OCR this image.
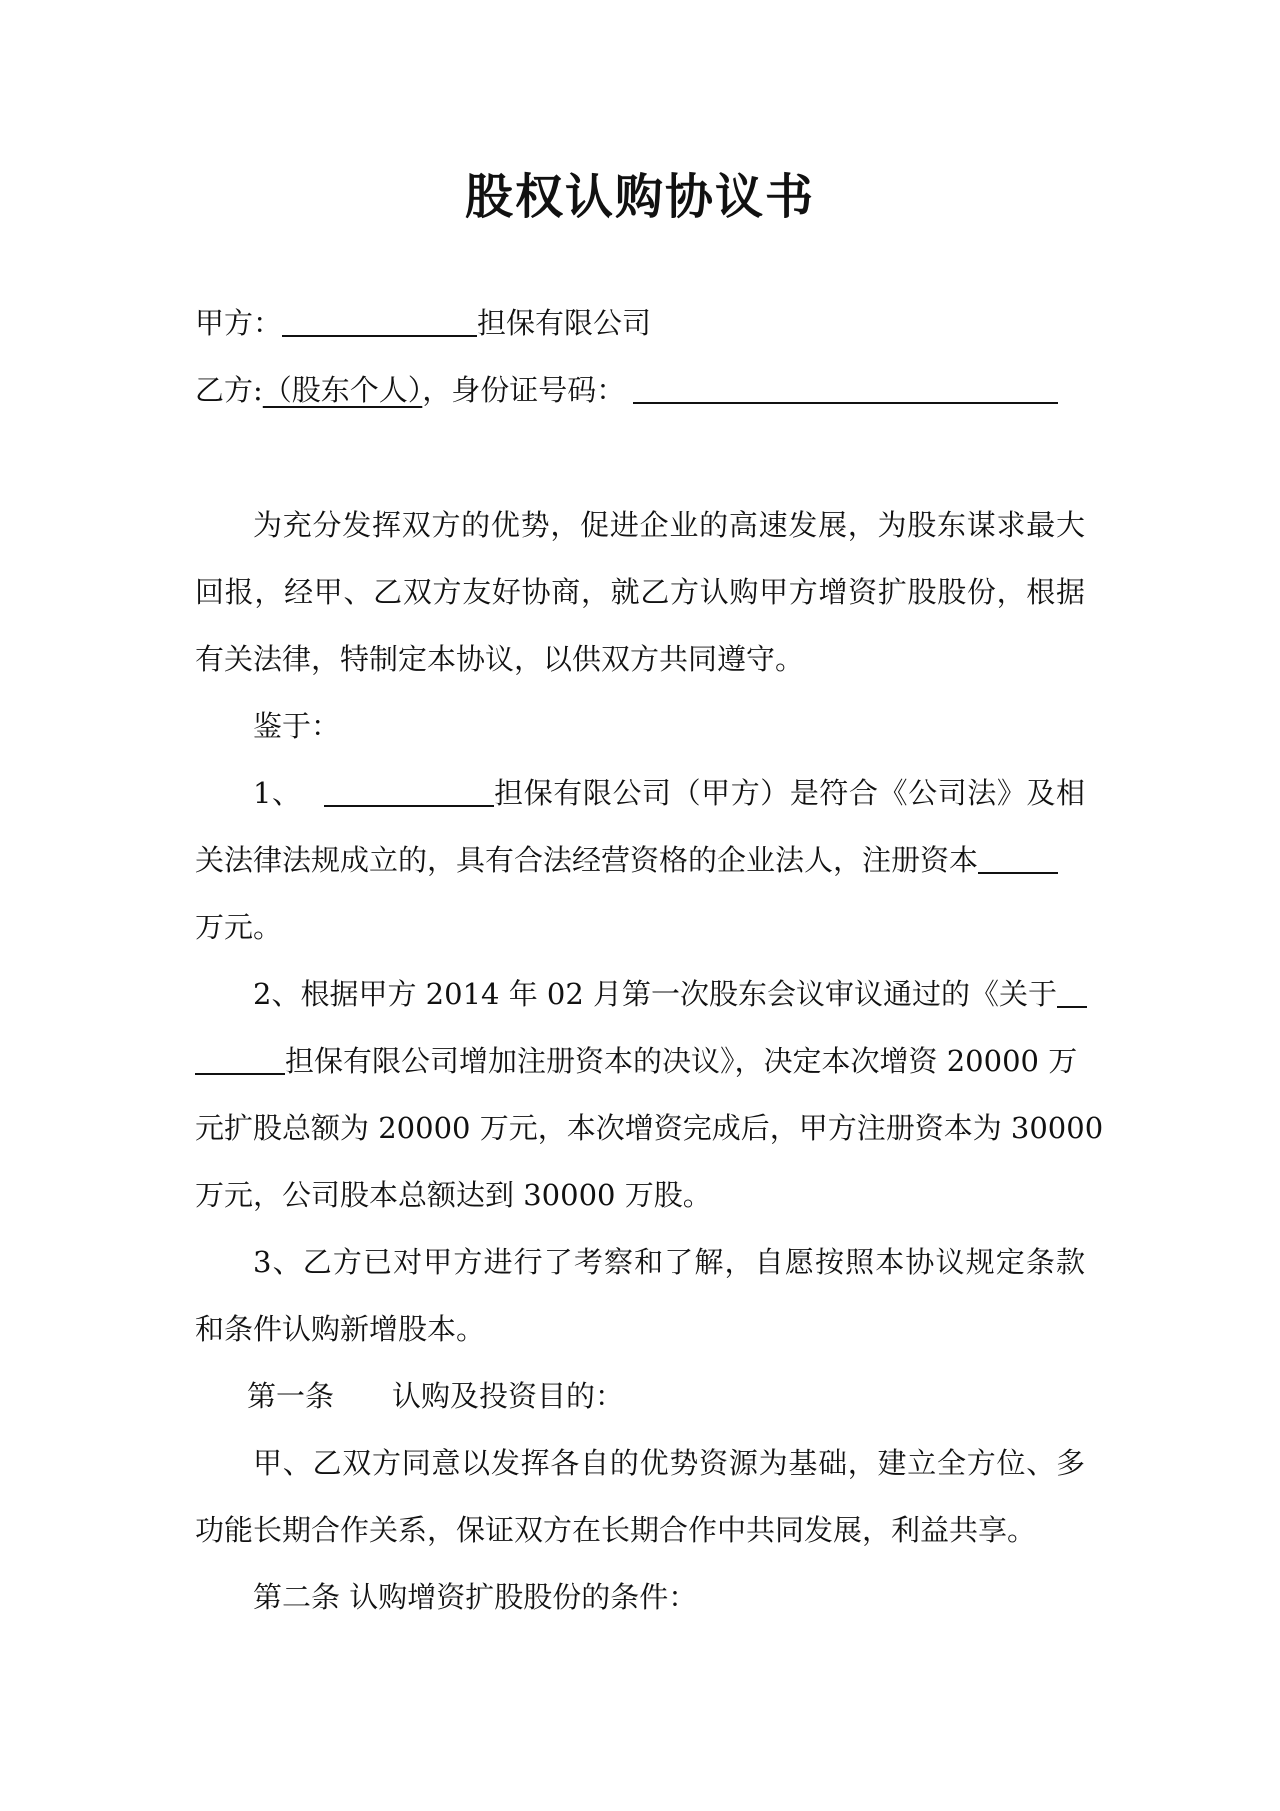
股权认购协议书
甲方：	担保有限公司
乙方:（股东个人），身份证号码：
为充分发挥双方的优势，促进企业的高速发展，为股东谋求最大
回报，经甲、乙双方友好协商，就乙方认购甲方增资扩股股份，根据
有关法律，特制定本协议，以供双方共同遵守。
鉴于：
1、	担保有限公司（甲方）是符合《公司法》及相
关法律法规成立的，具有合法经营资格的企业法人，注册资本
万元。
2、根据甲方 2014 年 02 月第一次股东会议审议通过的《关于
担保有限公司增加注册资本的决议》，决定本次增资 20000 万
元扩股总额为 20000 万元，本次增资完成后，甲方注册资本为 30000
万元，公司股本总额达到 30000 万股。
3、乙方已对甲方进行了考察和了解，自愿按照本协议规定条款
和条件认购新增股本。
第一条　　认购及投资目的：
甲、乙双方同意以发挥各自的优势资源为基础，建立全方位、多
功能长期合作关系，保证双方在长期合作中共同发展，利益共享。
第二条 认购增资扩股股份的条件：
